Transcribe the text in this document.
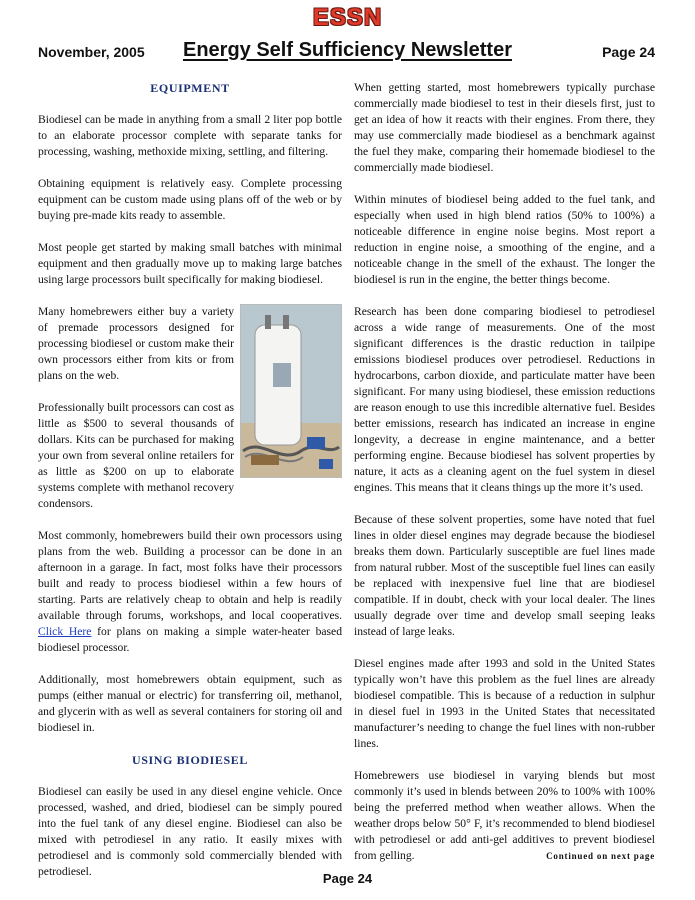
ESSN
November, 2005	Energy Self Sufficiency Newsletter	Page 24
EQUIPMENT

Biodiesel can be made in anything from a small 2 liter pop bottle to an elaborate processor complete with separate tanks for processing, washing, methoxide mixing, settling, and filtering.

Obtaining equipment is relatively easy. Complete processing equipment can be custom made using plans off of the web or by buying pre-made kits ready to assemble.

Most people get started by making small batches with minimal equipment and then gradually move up to making large batches using large processors built specifically for making biodiesel.

Many homebrewers either buy a variety of premade processors designed for processing biodiesel or custom make their own processors either from kits or from plans on the web.

Professionally built processors can cost as little as $500 to several thousands of dollars. Kits can be purchased for making your own from several online retailers for as little as $200 on up to elaborate systems complete with methanol recovery condensors.

Most commonly, homebrewers build their own processors using plans from the web. Building a processor can be done in an afternoon in a garage. In fact, most folks have their processors built and ready to process biodiesel within a few hours of starting. Parts are relatively cheap to obtain and help is readily available through forums, workshops, and local cooperatives. Click Here for plans on making a simple water-heater based biodiesel processor.

Additionally, most homebrewers obtain equipment, such as pumps (either manual or electric) for transferring oil, methanol, and glycerin with as well as several containers for storing oil and biodiesel in.

USING BIODIESEL

Biodiesel can easily be used in any diesel engine vehicle. Once processed, washed, and dried, biodiesel can be simply poured into the fuel tank of any diesel engine. Biodiesel can also be mixed with petrodiesel in any ratio. It easily mixes with petrodiesel and is commonly sold commercially blended with petrodiesel.

When getting started, most homebrewers typically purchase commercially made biodiesel to test in their diesels first, just to get an idea of how it reacts with their engines. From there, they may use commercially made biodiesel as a benchmark against the fuel they make, comparing their homemade biodiesel to the commercially made biodiesel.

Within minutes of biodiesel being added to the fuel tank, and especially when used in high blend ratios (50% to 100%) a noticeable difference in engine noise begins. Most report a reduction in engine noise, a smoothing of the engine, and a noticeable change in the smell of the exhaust. The longer the biodiesel is run in the engine, the better things become.

Research has been done comparing biodiesel to petrodiesel across a wide range of measurements. One of the most significant differences is the drastic reduction in tailpipe emissions biodiesel produces over petrodiesel. Reductions in hydrocarbons, carbon dioxide, and particulate matter have been significant. For many using biodiesel, these emission reductions are reason enough to use this incredible alternative fuel. Besides better emissions, research has indicated an increase in engine longevity, a decrease in engine maintenance, and a better performing engine. Because biodiesel has solvent properties by nature, it acts as a cleaning agent on the fuel system in diesel engines. This means that it cleans things up the more it’s used.

Because of these solvent properties, some have noted that fuel lines in older diesel engines may degrade because the biodiesel breaks them down. Particularly susceptible are fuel lines made from natural rubber. Most of the susceptible fuel lines can easily be replaced with inexpensive fuel line that are biodiesel compatible. If in doubt, check with your local dealer. The lines usually degrade over time and develop small seeping leaks instead of large leaks.

Diesel engines made after 1993 and sold in the United States typically won’t have this problem as the fuel lines are already biodiesel compatible. This is because of a reduction in sulphur in diesel fuel in 1993 in the United States that necessitated manufacturer’s needing to change the fuel lines with non-rubber lines.

Homebrewers use biodiesel in varying blends but most commonly it’s used in blends between 20% to 100% with 100% being the preferred method when weather allows. When the weather drops below 50° F, it’s recommended to blend biodiesel with petrodiesel or add anti-gel additives to prevent biodiesel from gelling.	Continued on next page
Page 24
